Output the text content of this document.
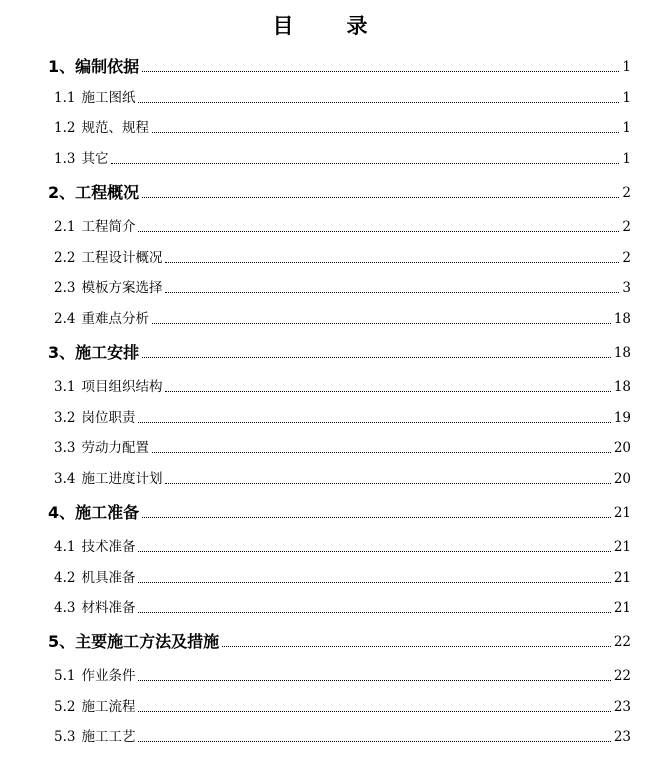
目　录
1、编制依据	1
1.1 施工图纸	1
1.2 规范、规程	1
1.3 其它	1
2、工程概况	2
2.1 工程简介	2
2.2 工程设计概况	2
2.3 模板方案选择	3
2.4 重难点分析	18
3、施工安排	18
3.1 项目组织结构	18
3.2 岗位职责	19
3.3 劳动力配置	20
3.4 施工进度计划	20
4、施工准备	21
4.1 技术准备	21
4.2 机具准备	21
4.3 材料准备	21
5、主要施工方法及措施	22
5.1 作业条件	22
5.2 施工流程	23
5.3 施工工艺	23
